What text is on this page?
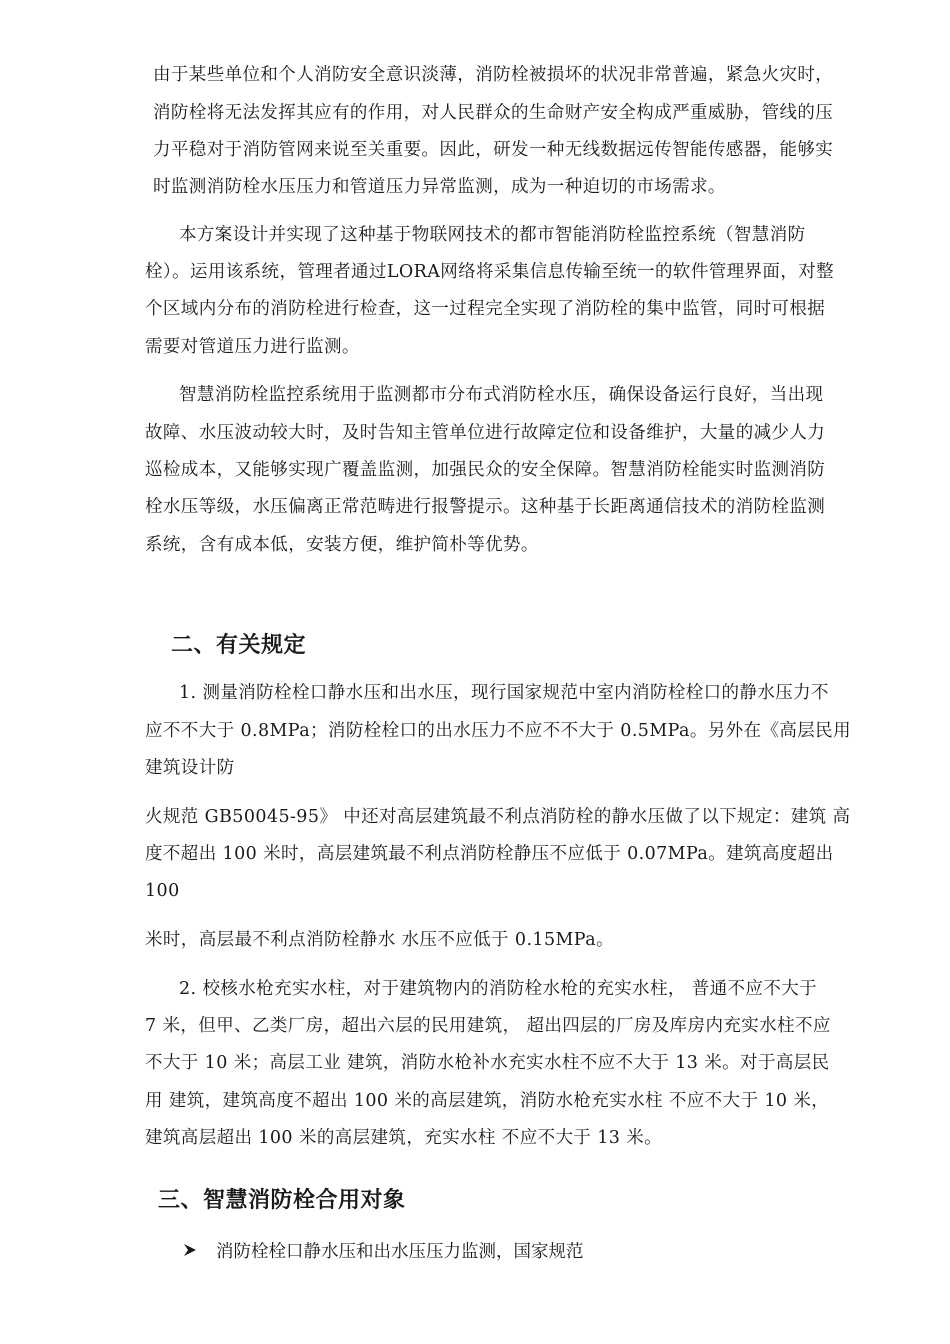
由于某些单位和个人消防安全意识淡薄，消防栓被损坏的状况非常普遍，紧急火灾时，

消防栓将无法发挥其应有的作用，对人民群众的生命财产安全构成严重威胁，管线的压

力平稳对于消防管网来说至关重要。因此，研发一种无线数据远传智能传感器，能够实

时监测消防栓水压压力和管道压力异常监测，成为一种迫切的市场需求。

本方案设计并实现了这种基于物联网技术的都市智能消防栓监控系统（智慧消防

栓）。运用该系统，管理者通过LORA网络将采集信息传输至统一的软件管理界面，对整

个区域内分布的消防栓进行检查，这一过程完全实现了消防栓的集中监管，同时可根据

需要对管道压力进行监测。

智慧消防栓监控系统用于监测都市分布式消防栓水压，确保设备运行良好，当出现

故障、水压波动较大时，及时告知主管单位进行故障定位和设备维护，大量的减少人力

巡检成本，又能够实现广覆盖监测，加强民众的安全保障。智慧消防栓能实时监测消防

栓水压等级，水压偏离正常范畴进行报警提示。这种基于长距离通信技术的消防栓监测

系统，含有成本低，安装方便，维护简朴等优势。

二、有关规定

1. 测量消防栓栓口静水压和出水压，现行国家规范中室内消防栓栓口的静水压力不

应不不大于 0.8MPa；消防栓栓口的出水压力不应不不大于 0.5MPa。另外在《高层民用

建筑设计防

火规范 GB50045-95》 中还对高层建筑最不利点消防栓的静水压做了以下规定：建筑 高

度不超出 100 米时，高层建筑最不利点消防栓静压不应低于 0.07MPa。建筑高度超出

100

米时，高层最不利点消防栓静水 水压不应低于 0.15MPa。

2. 校核水枪充实水柱，对于建筑物内的消防栓水枪的充实水柱， 普通不应不大于

7 米，但甲、乙类厂房，超出六层的民用建筑， 超出四层的厂房及库房内充实水柱不应

不大于 10 米；高层工业 建筑，消防水枪补水充实水柱不应不大于 13 米。对于高层民

用 建筑，建筑高度不超出 100 米的高层建筑，消防水枪充实水柱 不应不大于 10 米，

建筑高层超出 100 米的高层建筑，充实水柱 不应不大于 13 米。

三、智慧消防栓合用对象
消防栓栓口静水压和出水压压力监测，国家规范
